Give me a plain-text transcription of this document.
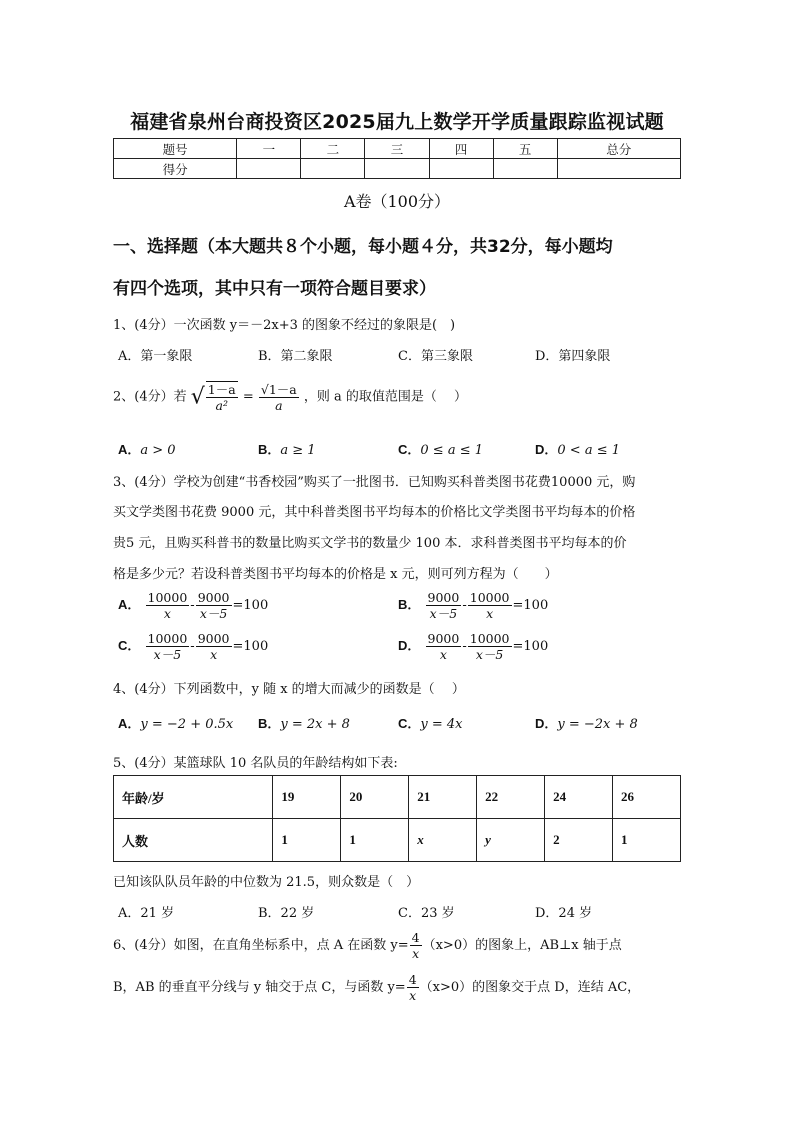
福建省泉州台商投资区2025届九上数学开学质量跟踪监视试题
题号	一	二	三	四	五	总分
得分						
A卷（100分）
一、选择题（本大题共８个小题，每小题４分，共32分，每小题均
有四个选项，其中只有一项符合题目要求）
1、(4分）一次函数 y＝－2x+3 的图象不经过的象限是(　)
A．第一象限	B．第二象限	C．第三象限	D．第四象限
2、(4分）若 √ $\frac{1-a}{\text{a²}} = \frac{√1-a}{a}$ ，则 a 的取值范围是（　 ）
A．a > 0	B．a ≥ 1	C．0 ≤ a ≤ 1	D．0 < a ≤ 1
3、(4分）学校为创建“书香校园”购买了一批图书．已知购买科普类图书花费10000 元，购
买文学类图书花费 9000 元，其中科普类图书平均每本的价格比文学类图书平均每本的价格
贵5 元，且购买科普书的数量比购买文学书的数量少 100 本．求科普类图书平均每本的价
格是多少元？若设科普类图书平均每本的价格是 x 元，则可列方程为（　　）
A． $\frac{10000}{x} - \frac{9000}{x-5} =100$	B． $\frac{9000}{x-5} - \frac{10000}{x} =100$
C． $\frac{10000}{x-5} - \frac{9000}{x} =100$	D． $\frac{9000}{x} - \frac{10000}{x-5} =100$
4、(4分）下列函数中，y 随 x 的增大而减少的函数是（　 ）
A．y = −2 + 0.5x B．y = 2x + 8	C．y = 4x	D．y = −2x + 8
5、(4分）某篮球队 10 名队员的年龄结构如下表:
年龄/岁	19	20	21	22	24	26
人数	1	1	x	y	2	1
已知该队队员年龄的中位数为 21.5，则众数是（　）
A．21 岁	B．22 岁	C．23 岁	D．24 岁
6、(4分）如图，在直角坐标系中，点 A 在函数 $y= \frac{4}{x} (x>0)$的图象上，AB⊥x 轴于点
B，AB 的垂直平分线与 y 轴交于点 C，与函数 $y= \frac{4}{x} (x>0)$的图象交于点 D，连结 AC，
